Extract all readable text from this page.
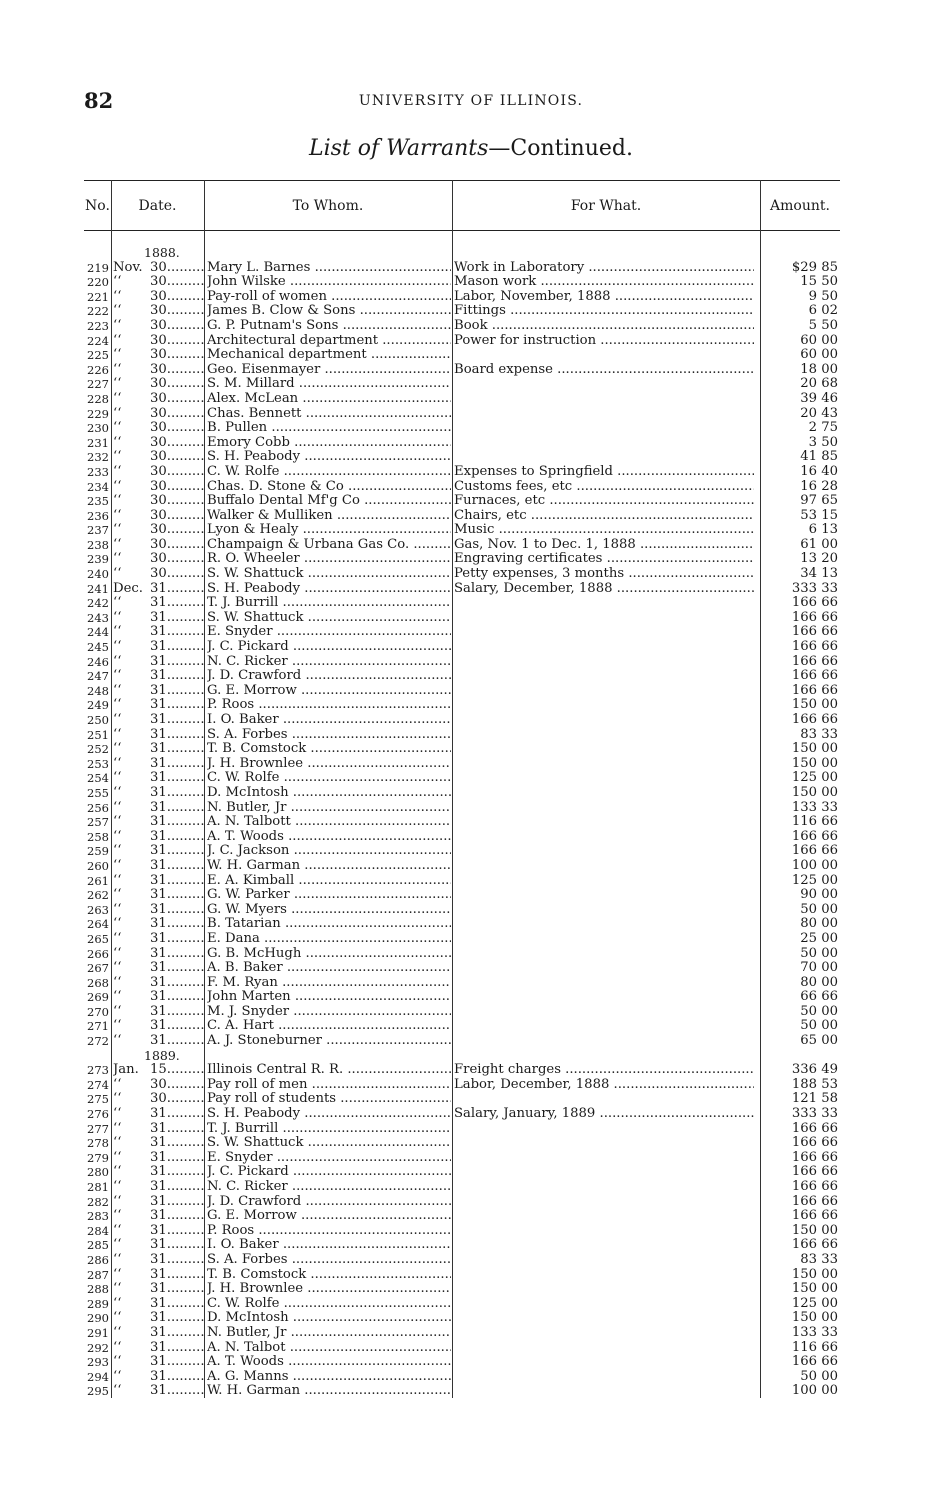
82	UNIVERSITY OF ILLINOIS.
List of Warrants—Continued.
No.	Date.	To Whom.	For What.	Amount.
1888.
219 Nov. 30 .....	Mary L. Barnes .....	Work in Laboratory .....	$29 85
220 ‘‘	30 .....	John Wilske .....	Mason work .....	15 50
221 ‘‘	30 .....	Pay-roll of women .....	Labor, November, 1888 .....	9 50
222 ‘‘	30 .....	James B. Clow & Sons .....	Fittings .....	6 02
223 ‘‘	30 .....	G. P. Putnam's Sons .....	Book .....	5 50
224 ‘‘	30 .....	Architectural department .....	Power for instruction .....	60 00
225 ‘‘	30 .....	Mechanical department .....	60 00
226 ‘‘	30 .....	Geo. Eisenmayer .....	Board expense .....	18 00
227 ‘‘	30 .....	S. M. Millard .....	20 68
228 ‘‘	30 .....	Alex. McLean .....	39 46
229 ‘‘	30 .....	Chas. Bennett .....	20 43
230 ‘‘	30 .....	B. Pullen .....	2 75
231 ‘‘	30 .....	Emory Cobb .....	3 50
232 ‘‘	30 .....	S. H. Peabody .....	41 85
233 ‘‘	30 .....	C. W. Rolfe .....	Expenses to Springfield .....	16 40
234 ‘‘	30 .....	Chas. D. Stone & Co .....	Customs fees, etc .....	16 28
235 ‘‘	30 .....	Buffalo Dental Mf'g Co .....	Furnaces, etc .....	97 65
236 ‘‘	30 .....	Walker & Mulliken .....	Chairs, etc .....	53 15
237 ‘‘	30 .....	Lyon & Healy .....	Music .....	6 13
238 ‘‘	30 .....	Champaign & Urbana Gas Co. .....	Gas, Nov. 1 to Dec. 1, 1888 .....	61 00
239 ‘‘	30 .....	R. O. Wheeler .....	Engraving certificates .....	13 20
240 ‘‘	30 .....	S. W. Shattuck .....	Petty expenses, 3 months .....	34 13
241 Dec. 31 .....	S. H. Peabody .....	Salary, December, 1888 .....	333 33
242 ‘‘	31 .....	T. J. Burrill .....	166 66
243 ‘‘	31 .....	S. W. Shattuck .....	166 66
244 ‘‘	31 .....	E. Snyder .....	166 66
245 ‘‘	31 .....	J. C. Pickard .....	166 66
246 ‘‘	31 .....	N. C. Ricker .....	166 66
247 ‘‘	31 .....	J. D. Crawford .....	166 66
248 ‘‘	31 .....	G. E. Morrow .....	166 66
249 ‘‘	31 .....	P. Roos .....	150 00
250 ‘‘	31 .....	I. O. Baker .....	166 66
251 ‘‘	31 .....	S. A. Forbes .....	83 33
252 ‘‘	31 .....	T. B. Comstock .....	150 00
253 ‘‘	31 .....	J. H. Brownlee .....	150 00
254 ‘‘	31 .....	C. W. Rolfe .....	125 00
255 ‘‘	31 .....	D. McIntosh .....	150 00
256 ‘‘	31 .....	N. Butler, Jr .....	133 33
257 ‘‘	31 .....	A. N. Talbott .....	116 66
258 ‘‘	31 .....	A. T. Woods .....	166 66
259 ‘‘	31 .....	J. C. Jackson .....	166 66
260 ‘‘	31 .....	W. H. Garman .....	100 00
261 ‘‘	31 .....	E. A. Kimball .....	125 00
262 ‘‘	31 .....	G. W. Parker .....	90 00
263 ‘‘	31 .....	G. W. Myers .....	50 00
264 ‘‘	31 .....	B. Tatarian .....	80 00
265 ‘‘	31 .....	E. Dana .....	25 00
266 ‘‘	31 .....	G. B. McHugh .....	50 00
267 ‘‘	31 .....	A. B. Baker .....	70 00
268 ‘‘	31 .....	F. M. Ryan .....	80 00
269 ‘‘	31 .....	John Marten .....	66 66
270 ‘‘	31 .....	M. J. Snyder .....	50 00
271 ‘‘	31 .....	C. A. Hart .....	50 00
272 ‘‘	31 .....	A. J. Stoneburner .....	65 00
1889.
273 Jan. 15 .....	Illinois Central R. R. .....	Freight charges .....	336 49
274 ‘‘	30 .....	Pay roll of men .....	Labor, December, 1888 .....	188 53
275 ‘‘	30 .....	Pay roll of students .....	121 58
276 ‘‘	31 .....	S. H. Peabody .....	Salary, January, 1889 .....	333 33
277 ‘‘	31 .....	T. J. Burrill .....	166 66
278 ‘‘	31 .....	S. W. Shattuck .....	166 66
279 ‘‘	31 .....	E. Snyder .....	166 66
280 ‘‘	31 .....	J. C. Pickard .....	166 66
281 ‘‘	31 .....	N. C. Ricker .....	166 66
282 ‘‘	31 .....	J. D. Crawford .....	166 66
283 ‘‘	31 .....	G. E. Morrow .....	166 66
284 ‘‘	31 .....	P. Roos .....	150 00
285 ‘‘	31 .....	I. O. Baker .....	166 66
286 ‘‘	31 .....	S. A. Forbes .....	83 33
287 ‘‘	31 .....	T. B. Comstock .....	150 00
288 ‘‘	31 .....	J. H. Brownlee .....	150 00
289 ‘‘	31 .....	C. W. Rolfe .....	125 00
290 ‘‘	31 .....	D. McIntosh .....	150 00
291 ‘‘	31 .....	N. Butler, Jr .....	133 33
292 ‘‘	31 .....	A. N. Talbot .....	116 66
293 ‘‘	31 .....	A. T. Woods .....	166 66
294 ‘‘	31 .....	A. G. Manns .....	50 00
295 ‘‘	31 .....	W. H. Garman .....	100 00
